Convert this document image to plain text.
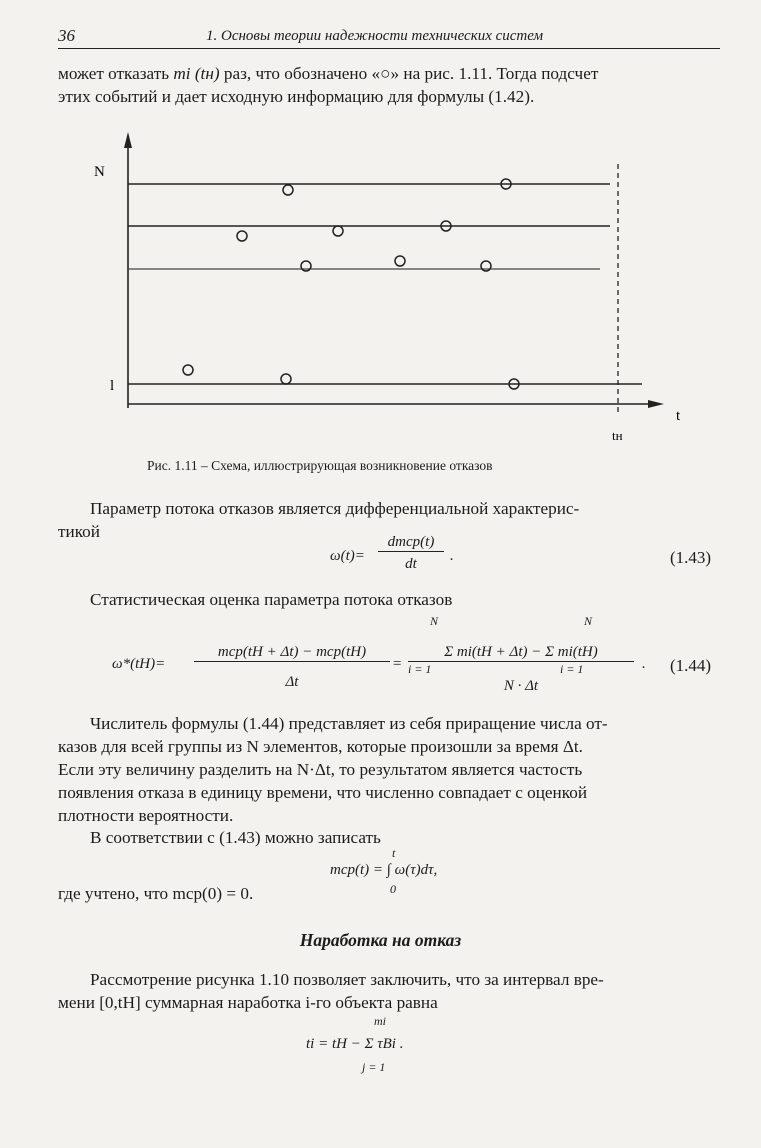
36	1. Основы теории надежности технических систем
может отказать mi (tн) раз, что обозначено «○» на рис. 1.11. Тогда подсчет
этих событий и дает исходную информацию для формулы (1.42).
N
l
t
tн
Рис. 1.11 – Схема, иллюстрирующая возникновение отказов
Параметр потока отказов является дифференциальной характерис-
тикой
ω(t)=
dmcp(t)
dt	.	(1.43)
Статистическая оценка параметра потока отказов
ω*(tH)=
mcp(tH + Δt) − mcp(tH)
Δt
=
N	N
Σ mi(tH + Δt) − Σ mi(tH)
i = 1	i = 1
N · Δt
. (1.44)
Числитель формулы (1.44) представляет из себя приращение числа от-
казов для всей группы из N элементов, которые произошли за время Δt.
Если эту величину разделить на N·Δt, то результатом является частость
появления отказа в единицу времени, что численно совпадает с оценкой
плотности вероятности.
В соответствии с (1.43) можно записать
t
mcp(t) = ∫ ω(τ)dτ,
0
где учтено, что mcp(0) = 0.
Наработка на отказ
Рассмотрение рисунка 1.10 позволяет заключить, что за интервал вре-
мени [0,tH] суммарная наработка i-го объекта равна
mi
ti = tH − Σ τBi .
j = 1
